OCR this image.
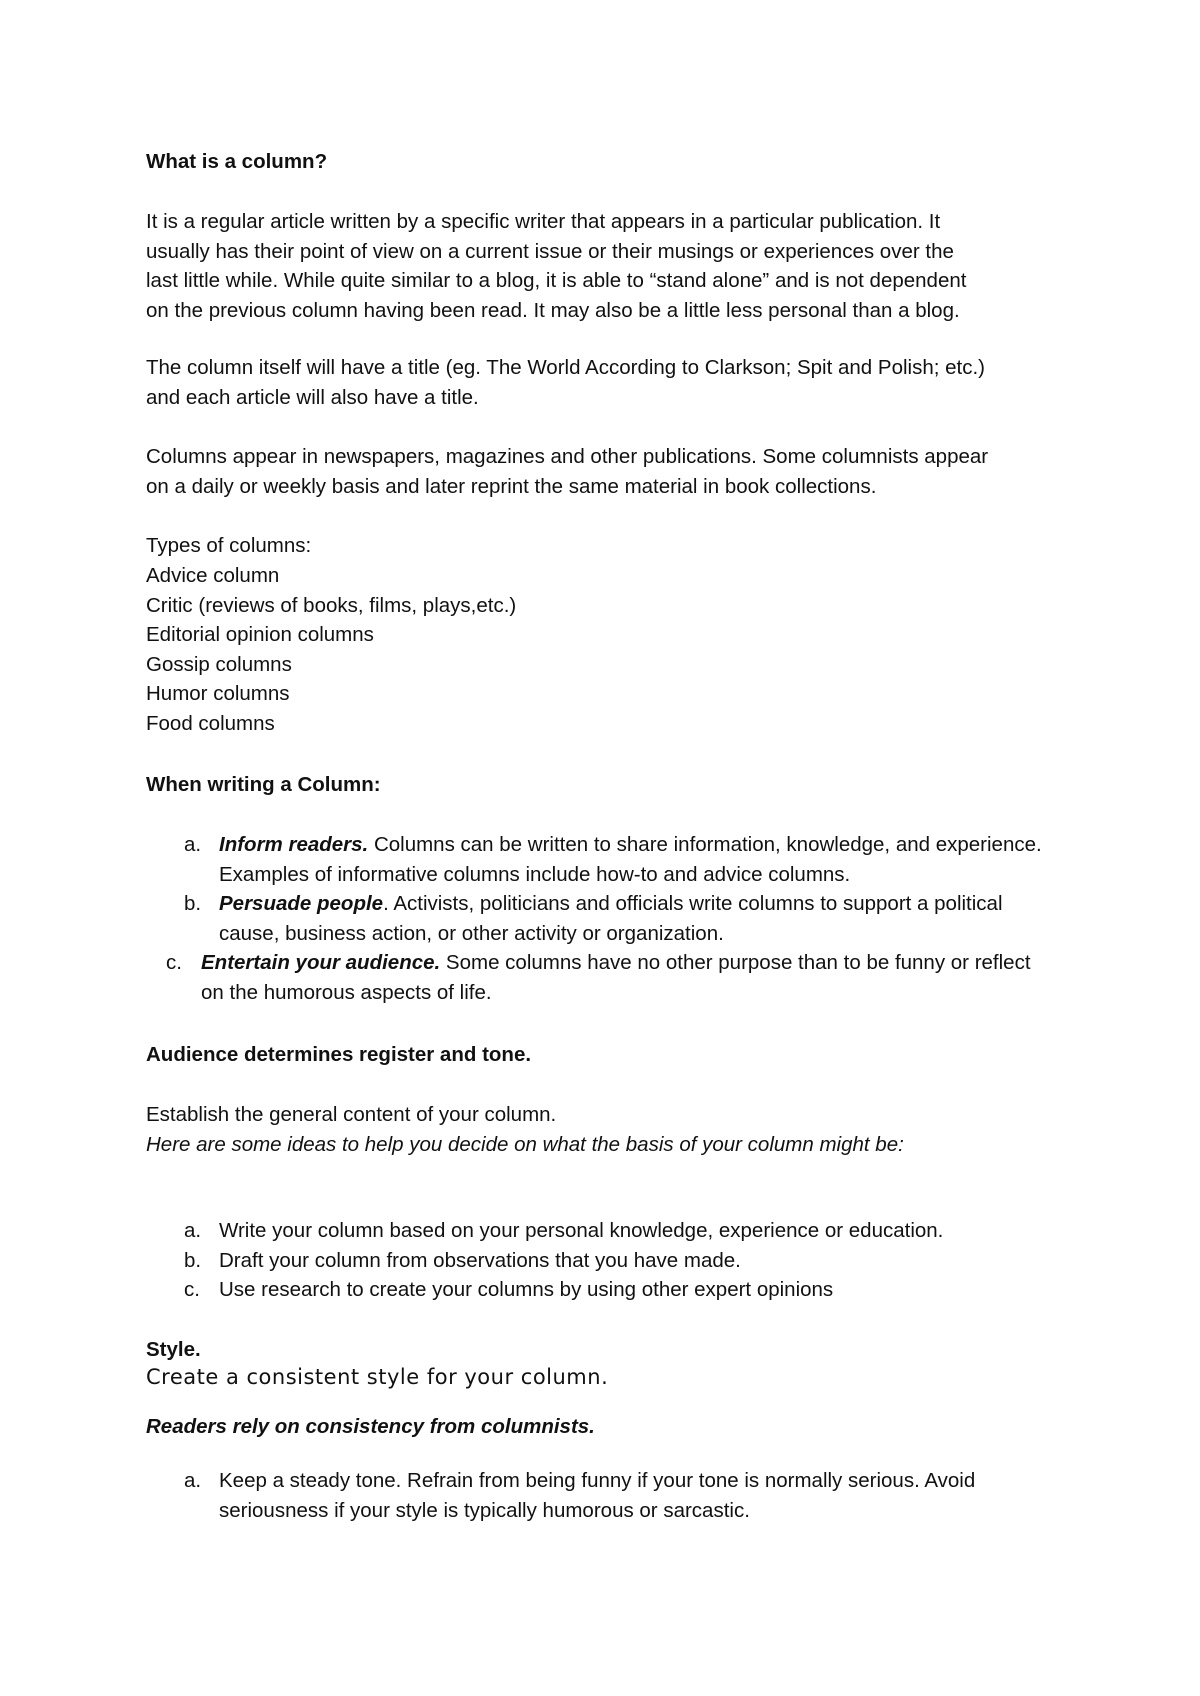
What is a column?
It is a regular article written by a specific writer that appears in a particular publication. It
usually has their point of view on a current issue or their musings or experiences over the
last little while. While quite similar to a blog, it is able to “stand alone” and is not dependent
on the previous column having been read. It may also be a little less personal than a blog.
The column itself will have a title (eg. The World According to Clarkson; Spit and Polish; etc.)
and each article will also have a title.
Columns appear in newspapers, magazines and other publications. Some columnists appear
on a daily or weekly basis and later reprint the same material in book collections.
Types of columns:
Advice column
Critic (reviews of books, films, plays,etc.)
Editorial opinion columns
Gossip columns
Humor columns
Food columns
When writing a Column:
a. Inform readers. Columns can be written to share information, knowledge, and experience. Examples of informative columns include how-to and advice columns.
b. Persuade people. Activists, politicians and officials write columns to support a political cause, business action, or other activity or organization.
c. Entertain your audience. Some columns have no other purpose than to be funny or reflect on the humorous aspects of life.
Audience determines register and tone.
Establish the general content of your column.
Here are some ideas to help you decide on what the basis of your column might be:
a. Write your column based on your personal knowledge, experience or education.
b. Draft your column from observations that you have made.
c. Use research to create your columns by using other expert opinions
Style.
Create a consistent style for your column.
Readers rely on consistency from columnists.
a. Keep a steady tone. Refrain from being funny if your tone is normally serious. Avoid seriousness if your style is typically humorous or sarcastic.
